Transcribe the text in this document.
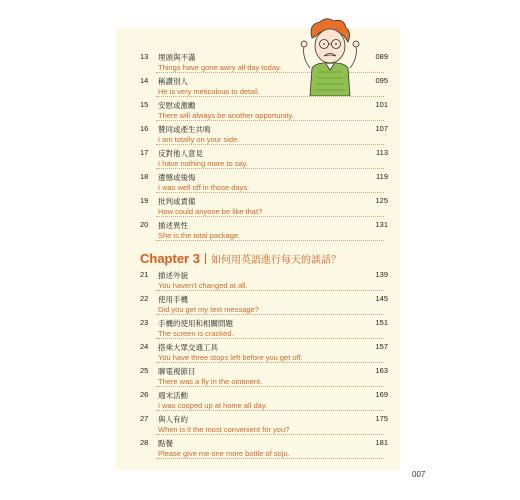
13	埋頭與不滿
Things have gone awry all day today.
089
14	稱讚別人
He is very meticulous to detail.
095
15	安慰或激勵
There will always be another opportunity.
101
16	贊同或產生共鳴
I am totally on your side.
107
17	反對他人意見
I have nothing more to say.
113
18	遺憾或後悔
I was well off in those days.
119
19	批判或責備
How could anyone be like that?
125
20	描述異性
She is the total package.
131
Chapter 3 如何用英語進行每天的談話？
21	描述外貌
You haven't changed at all.
139
22	使用手機
Did you get my text message?
145
23	手機的使用和相關問題
The screen is cracked.
151
24	搭乘大眾交通工具
You have three stops left before you get off.
157
25	聊電視節目
There was a fly in the ointment.
163
26	週末活動
I was cooped up at home all day.
169
27	與人有約
When is it the most convenient for you?
175
28	點餐
Please give me one more bottle of soju.
181
007
